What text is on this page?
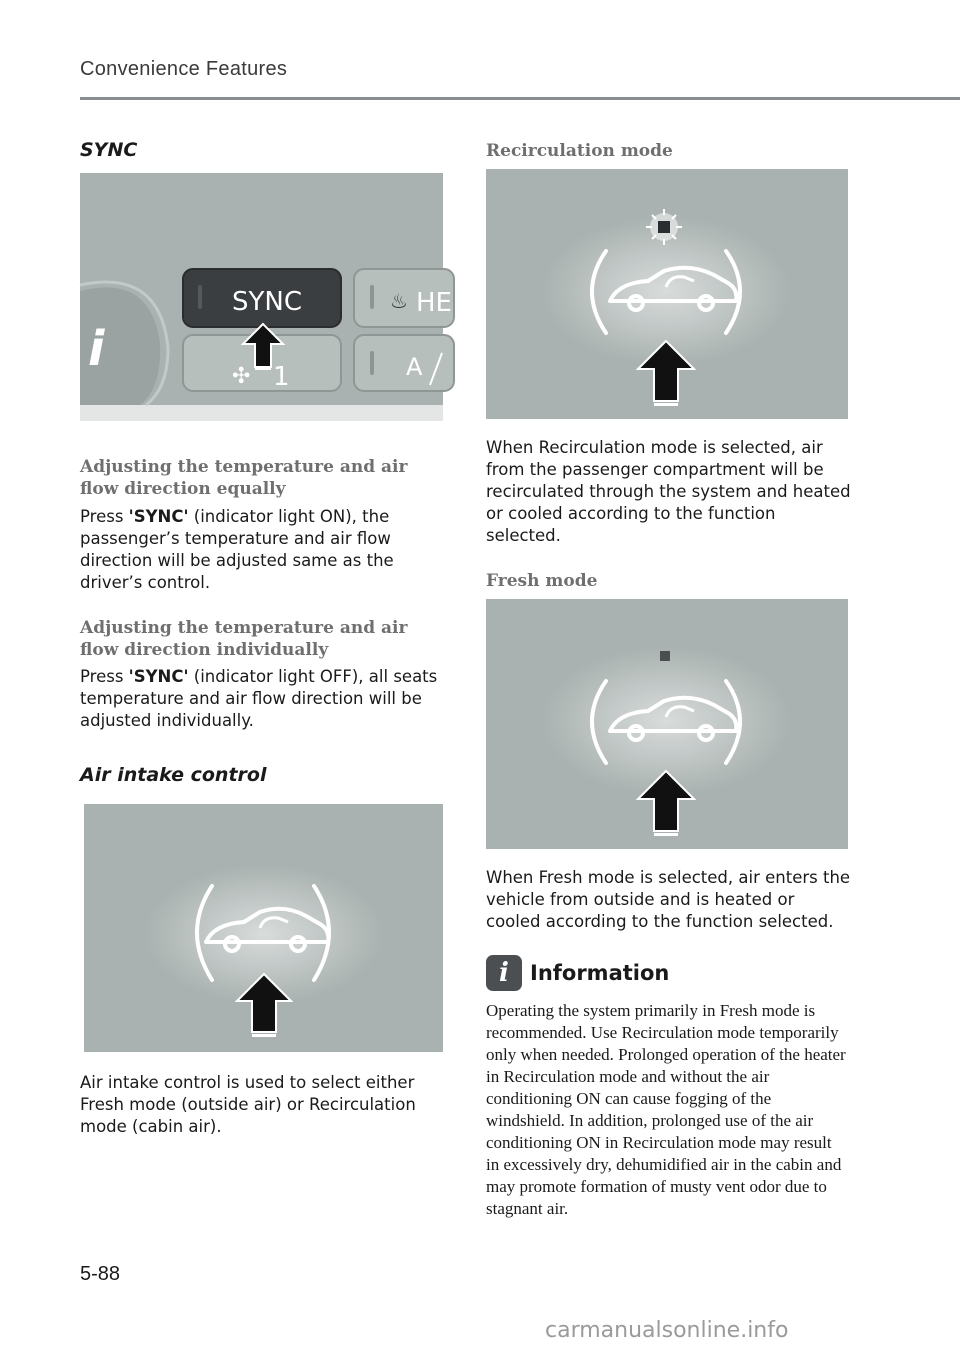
Convenience Features
SYNC
i
SYNC	♨ HE
✣ 1	A
Adjusting the temperature and air flow direction equally

Press 'SYNC' (indicator light ON), the passenger’s temperature and air flow direction will be adjusted same as the driver’s control.

Adjusting the temperature and air flow direction individually

Press 'SYNC' (indicator light OFF), all seats temperature and air flow direction will be adjusted individually.

Air intake control

Air intake control is used to select either Fresh mode (outside air) or Recirculation mode (cabin air).

Recirculation mode

When Recirculation mode is selected, air from the passenger compartment will be recirculated through the system and heated or cooled according to the function selected.

Fresh mode

When Fresh mode is selected, air enters the vehicle from outside and is heated or cooled according to the function selected.

i Information

Operating the system primarily in Fresh mode is recommended. Use Recirculation mode temporarily only when needed. Prolonged operation of the heater in Recirculation mode and without the air conditioning ON can cause fogging of the windshield. In addition, prolonged use of the air conditioning ON in Recirculation mode may result in excessively dry, dehumidified air in the cabin and may promote formation of musty vent odor due to stagnant air.

5-88
carmanualsonline.info
